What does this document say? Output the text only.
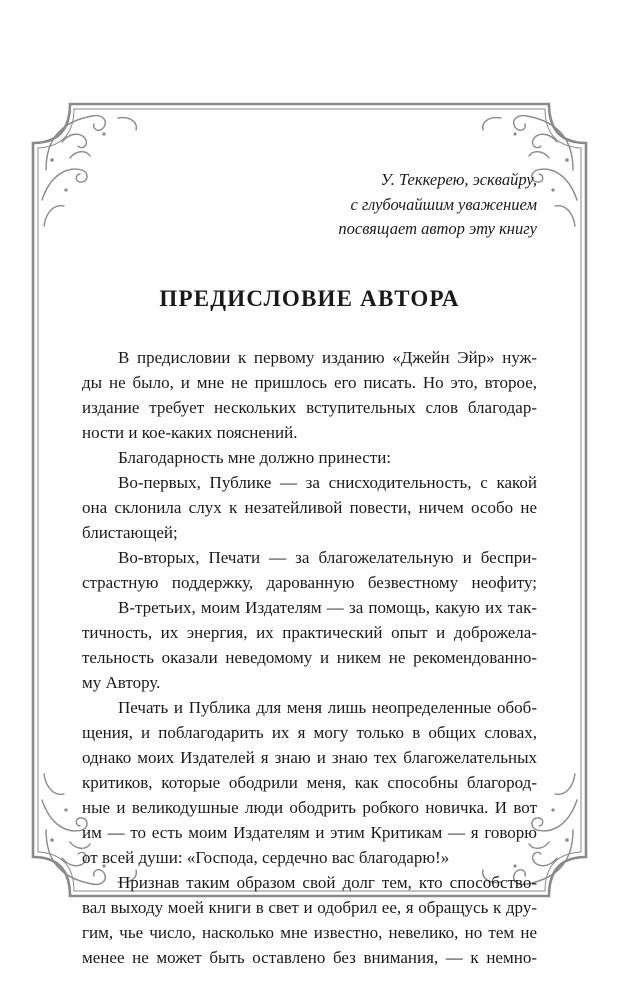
У. Теккерею, эсквайру,
с глубочайшим уважением
посвящает автор эту книгу
ПРЕДИСЛОВИЕ АВТОРА
В предисловии к первому изданию «Джейн Эйр» нуж-
ды не было, и мне не пришлось его писать. Но это, второе,
издание требует нескольких вступительных слов благодар-
ности и кое-каких пояснений.
Благодарность мне должно принести:
Во-первых, Публике — за снисходительность, с какой
она склонила слух к незатейливой повести, ничем особо не
блистающей;
Во-вторых, Печати — за благожелательную и беспри-
страстную поддержку, дарованную безвестному неофиту;
В-третьих, моим Издателям — за помощь, какую их так-
тичность, их энергия, их практический опыт и доброжела-
тельность оказали неведомому и никем не рекомендованно-
му Автору.
Печать и Публика для меня лишь неопределенные обоб-
щения, и поблагодарить их я могу только в общих словах,
однако моих Издателей я знаю и знаю тех благожелательных
критиков, которые ободрили меня, как способны благород-
ные и великодушные люди ободрить робкого новичка. И вот
им — то есть моим Издателям и этим Критикам — я говорю
от всей души: «Господа, сердечно вас благодарю!»
Признав таким образом свой долг тем, кто способство-
вал выходу моей книги в свет и одобрил ее, я обращусь к дру-
гим, чье число, насколько мне известно, невелико, но тем не
менее не может быть оставлено без внимания, — к немно-
